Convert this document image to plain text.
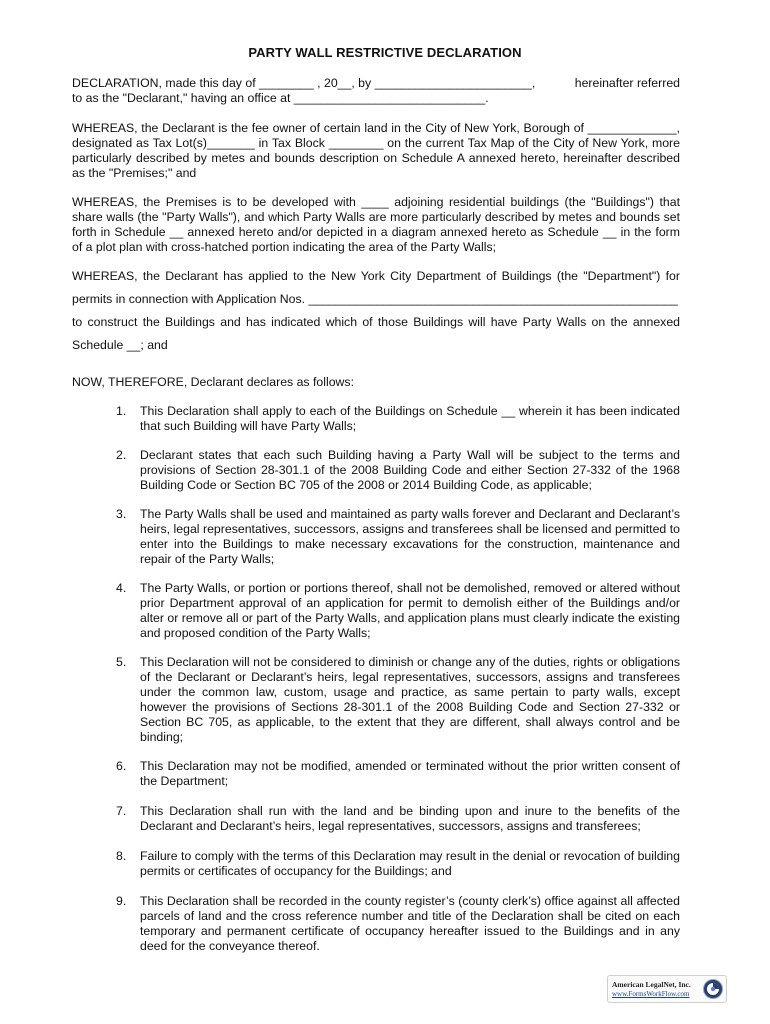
PARTY WALL RESTRICTIVE DECLARATION
DECLARATION, made this day of ________ , 20__, by _______________________,	hereinafter referred
to as the "Declarant," having an office at ____________________________.
WHEREAS, the Declarant is the fee owner of certain land in the City of New York, Borough of _____________, designated as Tax Lot(s)_______ in Tax Block ________ on the current Tax Map of the City of New York, more particularly described by metes and bounds description on Schedule A annexed hereto, hereinafter described as the "Premises;" and
WHEREAS, the Premises is to be developed with ____ adjoining residential buildings (the "Buildings") that share walls (the "Party Walls"), and which Party Walls are more particularly described by metes and bounds set forth in Schedule __ annexed hereto and/or depicted in a diagram annexed hereto as Schedule __ in the form of a plot plan with cross-hatched portion indicating the area of the Party Walls;
WHEREAS, the Declarant has applied to the New York City Department of Buildings (the "Department") for
permits in connection with Application Nos. ______________________________________________________
to construct the Buildings and has indicated which of those Buildings will have Party Walls on the annexed
Schedule __; and
NOW, THEREFORE, Declarant declares as follows:
1.	This Declaration shall apply to each of the Buildings on Schedule __ wherein it has been indicated that such Building will have Party Walls;
2.	Declarant states that each such Building having a Party Wall will be subject to the terms and provisions of Section 28-301.1 of the 2008 Building Code and either Section 27-332 of the 1968 Building Code or Section BC 705 of the 2008 or 2014 Building Code, as applicable;
3.	The Party Walls shall be used and maintained as party walls forever and Declarant and Declarant’s heirs, legal representatives, successors, assigns and transferees shall be licensed and permitted to enter into the Buildings to make necessary excavations for the construction, maintenance and repair of the Party Walls;
4.	The Party Walls, or portion or portions thereof, shall not be demolished, removed or altered without prior Department approval of an application for permit to demolish either of the Buildings and/or alter or remove all or part of the Party Walls, and application plans must clearly indicate the existing and proposed condition of the Party Walls;
5.	This Declaration will not be considered to diminish or change any of the duties, rights or obligations of the Declarant or Declarant’s heirs, legal representatives, successors, assigns and transferees under the common law, custom, usage and practice, as same pertain to party walls, except however the provisions of Sections 28-301.1 of the 2008 Building Code and Section 27-332 or Section BC 705, as applicable, to the extent that they are different, shall always control and be binding;
6.	This Declaration may not be modified, amended or terminated without the prior written consent of the Department;
7.	This Declaration shall run with the land and be binding upon and inure to the benefits of the Declarant and Declarant’s heirs, legal representatives, successors, assigns and transferees;
8.	Failure to comply with the terms of this Declaration may result in the denial or revocation of building permits or certificates of occupancy for the Buildings; and
9.	This Declaration shall be recorded in the county register’s (county clerk’s) office against all affected parcels of land and the cross reference number and title of the Declaration shall be cited on each temporary and permanent certificate of occupancy hereafter issued to the Buildings and in any deed for the conveyance thereof.
American LegalNet, Inc.
www.FormsWorkFlow.com
